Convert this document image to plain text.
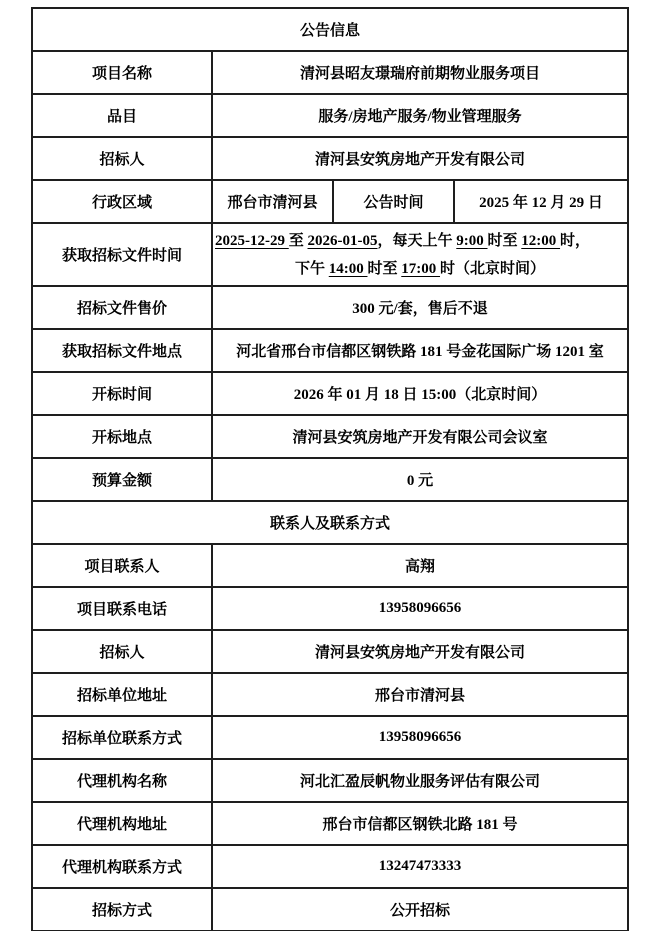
公告信息			
项目名称	清河县昭友璟瑞府前期物业服务项目		
品目	服务/房地产服务/物业管理服务		
招标人	清河县安筑房地产开发有限公司		
行政区域	邢台市清河县	公告时间	2025 年 12 月 29 日
获取招标文件时间	2025-12-29 至 2026-01-05，每天上午 9:00 时至 12:00 时，
下午 14:00 时至 17:00 时（北京时间）		

招标文件售价	300 元/套，售后不退		
获取招标文件地点	河北省邢台市信都区钢铁路 181 号金花国际广场 1201 室		
开标时间	2026 年 01 月 18 日 15:00（北京时间）		
开标地点	清河县安筑房地产开发有限公司会议室		
预算金额	0 元		
联系人及联系方式			
项目联系人	高翔		
项目联系电话	13958096656		
招标人	清河县安筑房地产开发有限公司		
招标单位地址	邢台市清河县		
招标单位联系方式	13958096656		
代理机构名称	河北汇盈辰帆物业服务评估有限公司		
代理机构地址	邢台市信都区钢铁北路 181 号		
代理机构联系方式	13247473333		
招标方式	公开招标		
